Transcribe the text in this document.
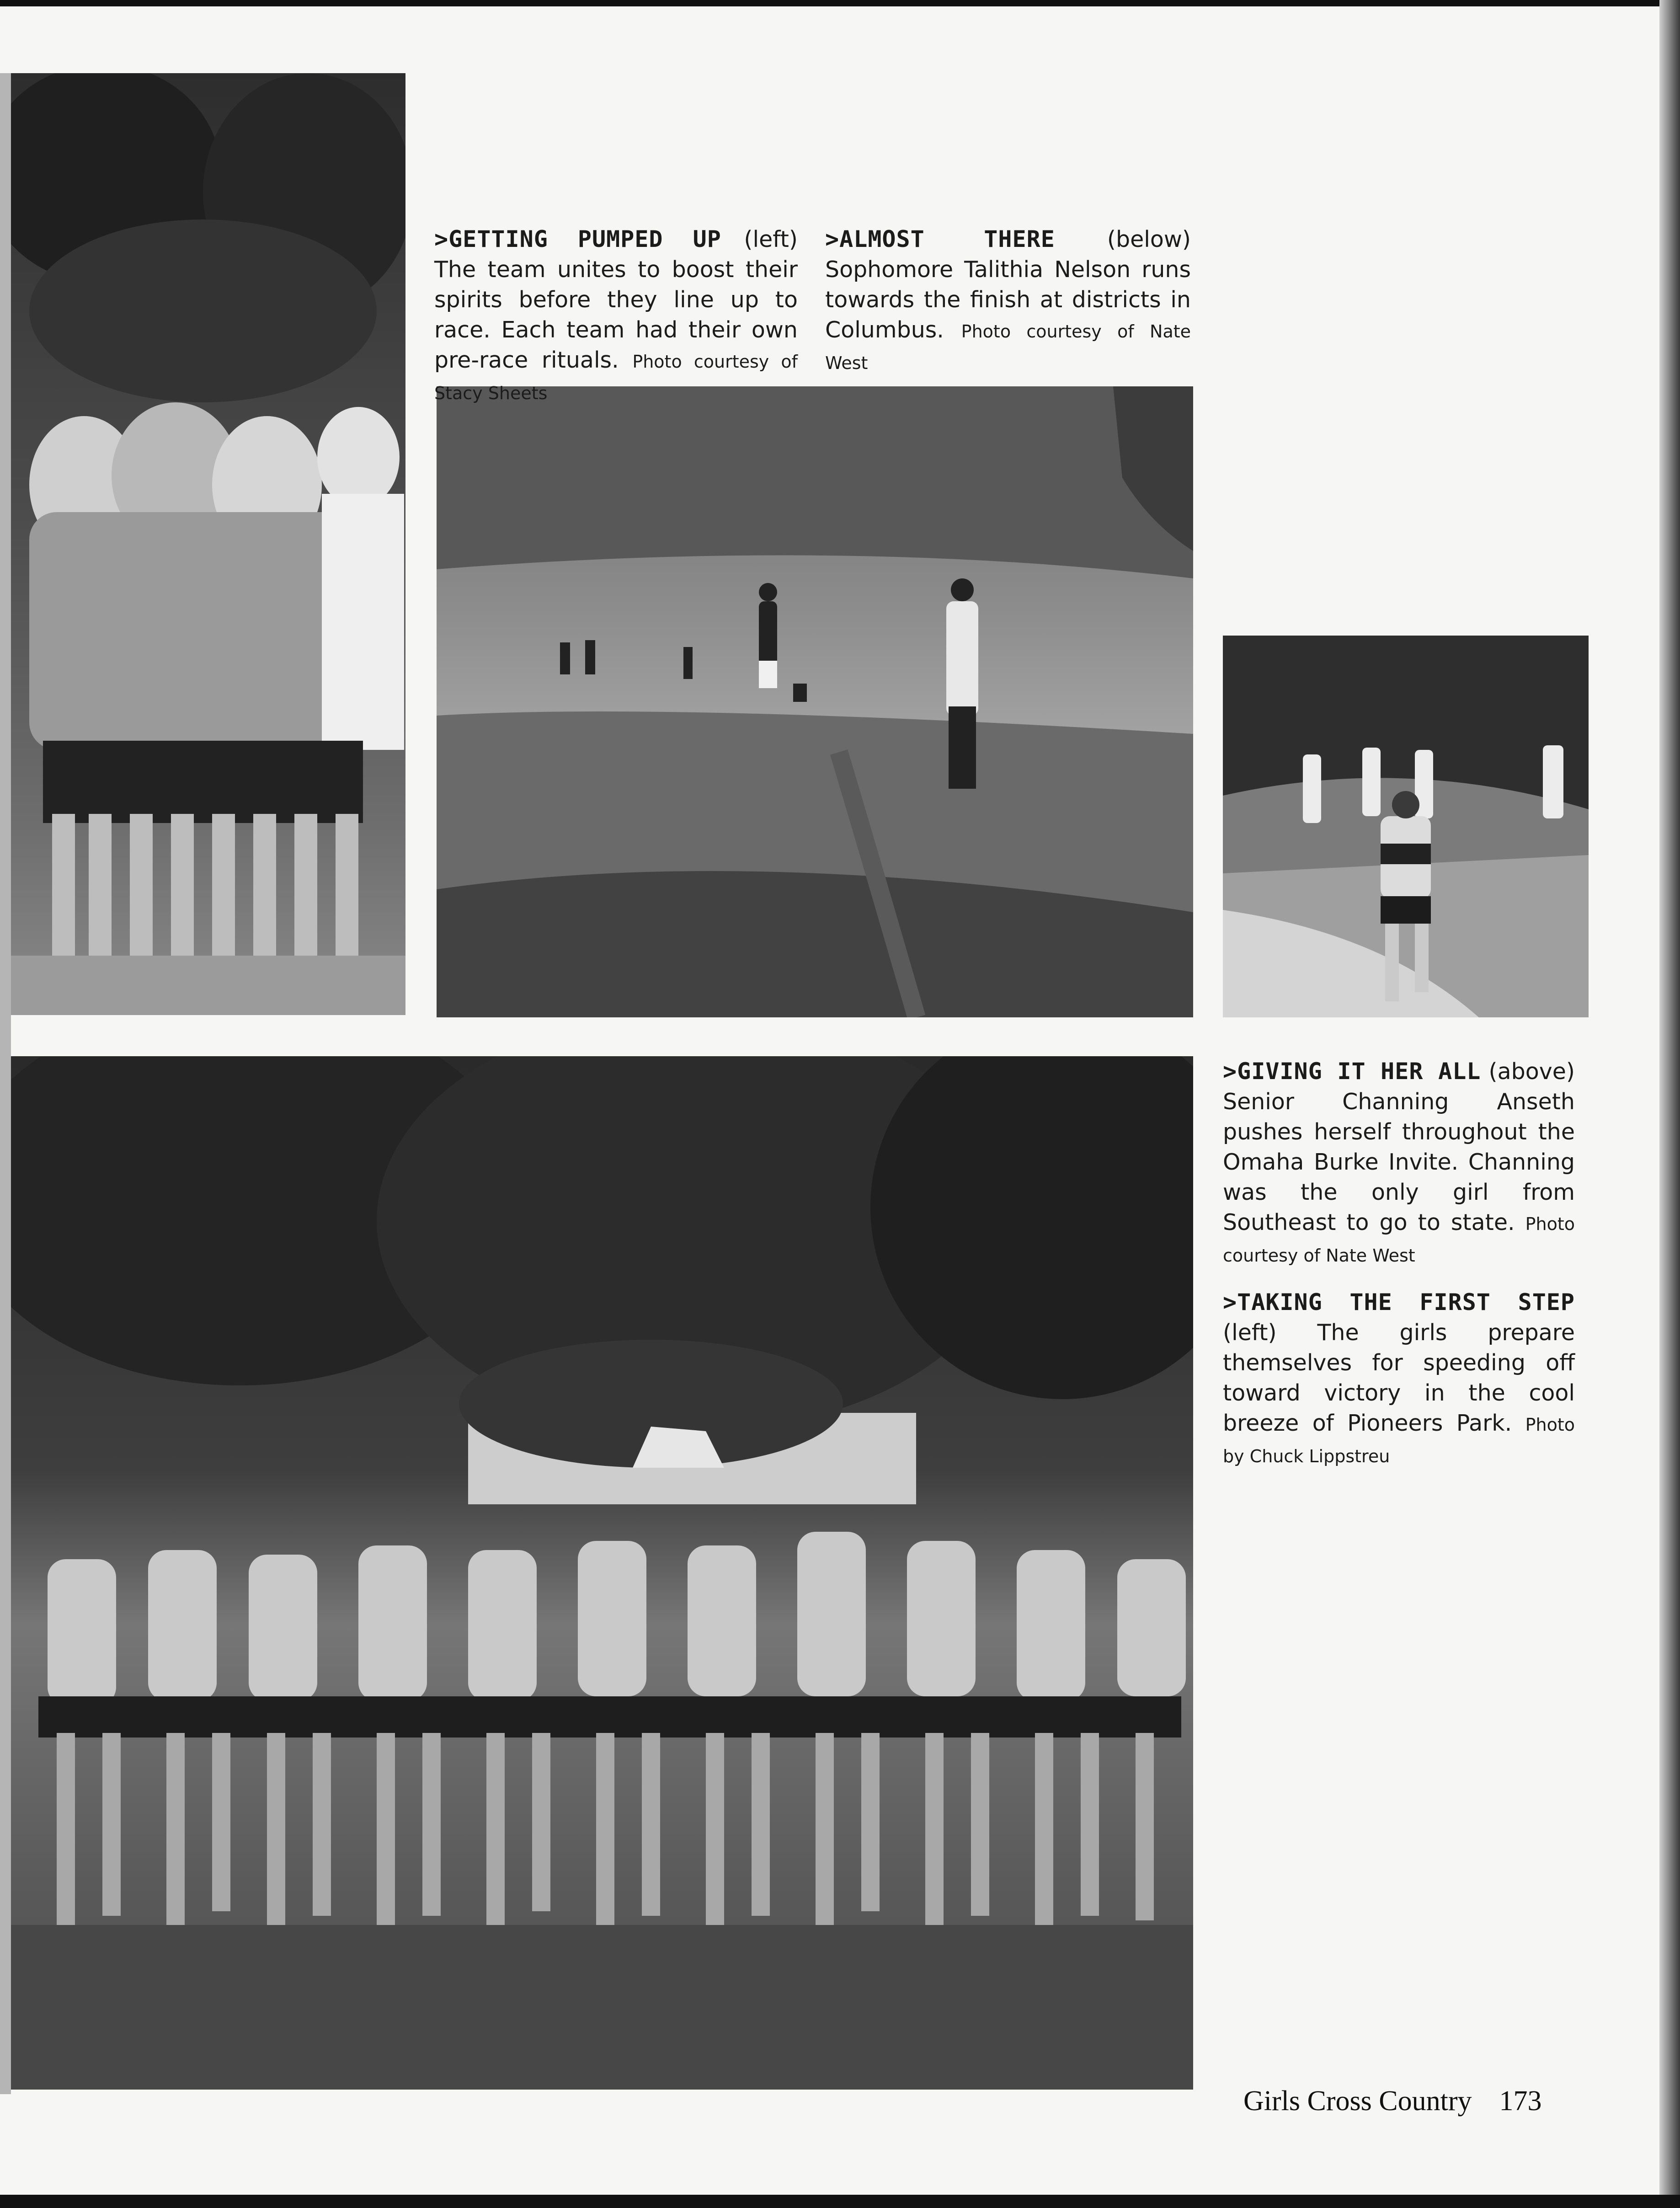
> GETTING PUMPED UP (left) The team unites to boost their spirits before they line up to race. Each team had their own pre-race rituals. Photo courtesy of Stacy Sheets
> ALMOST THERE (below) Sophomore Talithia Nelson runs towards the finish at districts in Columbus. Photo courtesy of Nate West
> GIVING IT HER ALL (above) Senior Channing Anseth pushes herself throughout the Omaha Burke Invite. Channing was the only girl from Southeast to go to state. Photo courtesy of Nate West
> TAKING THE FIRST STEP (left) The girls prepare themselves for speeding off toward victory in the cool breeze of Pioneers Park. Photo by Chuck Lippstreu
Girls Cross Country 173
